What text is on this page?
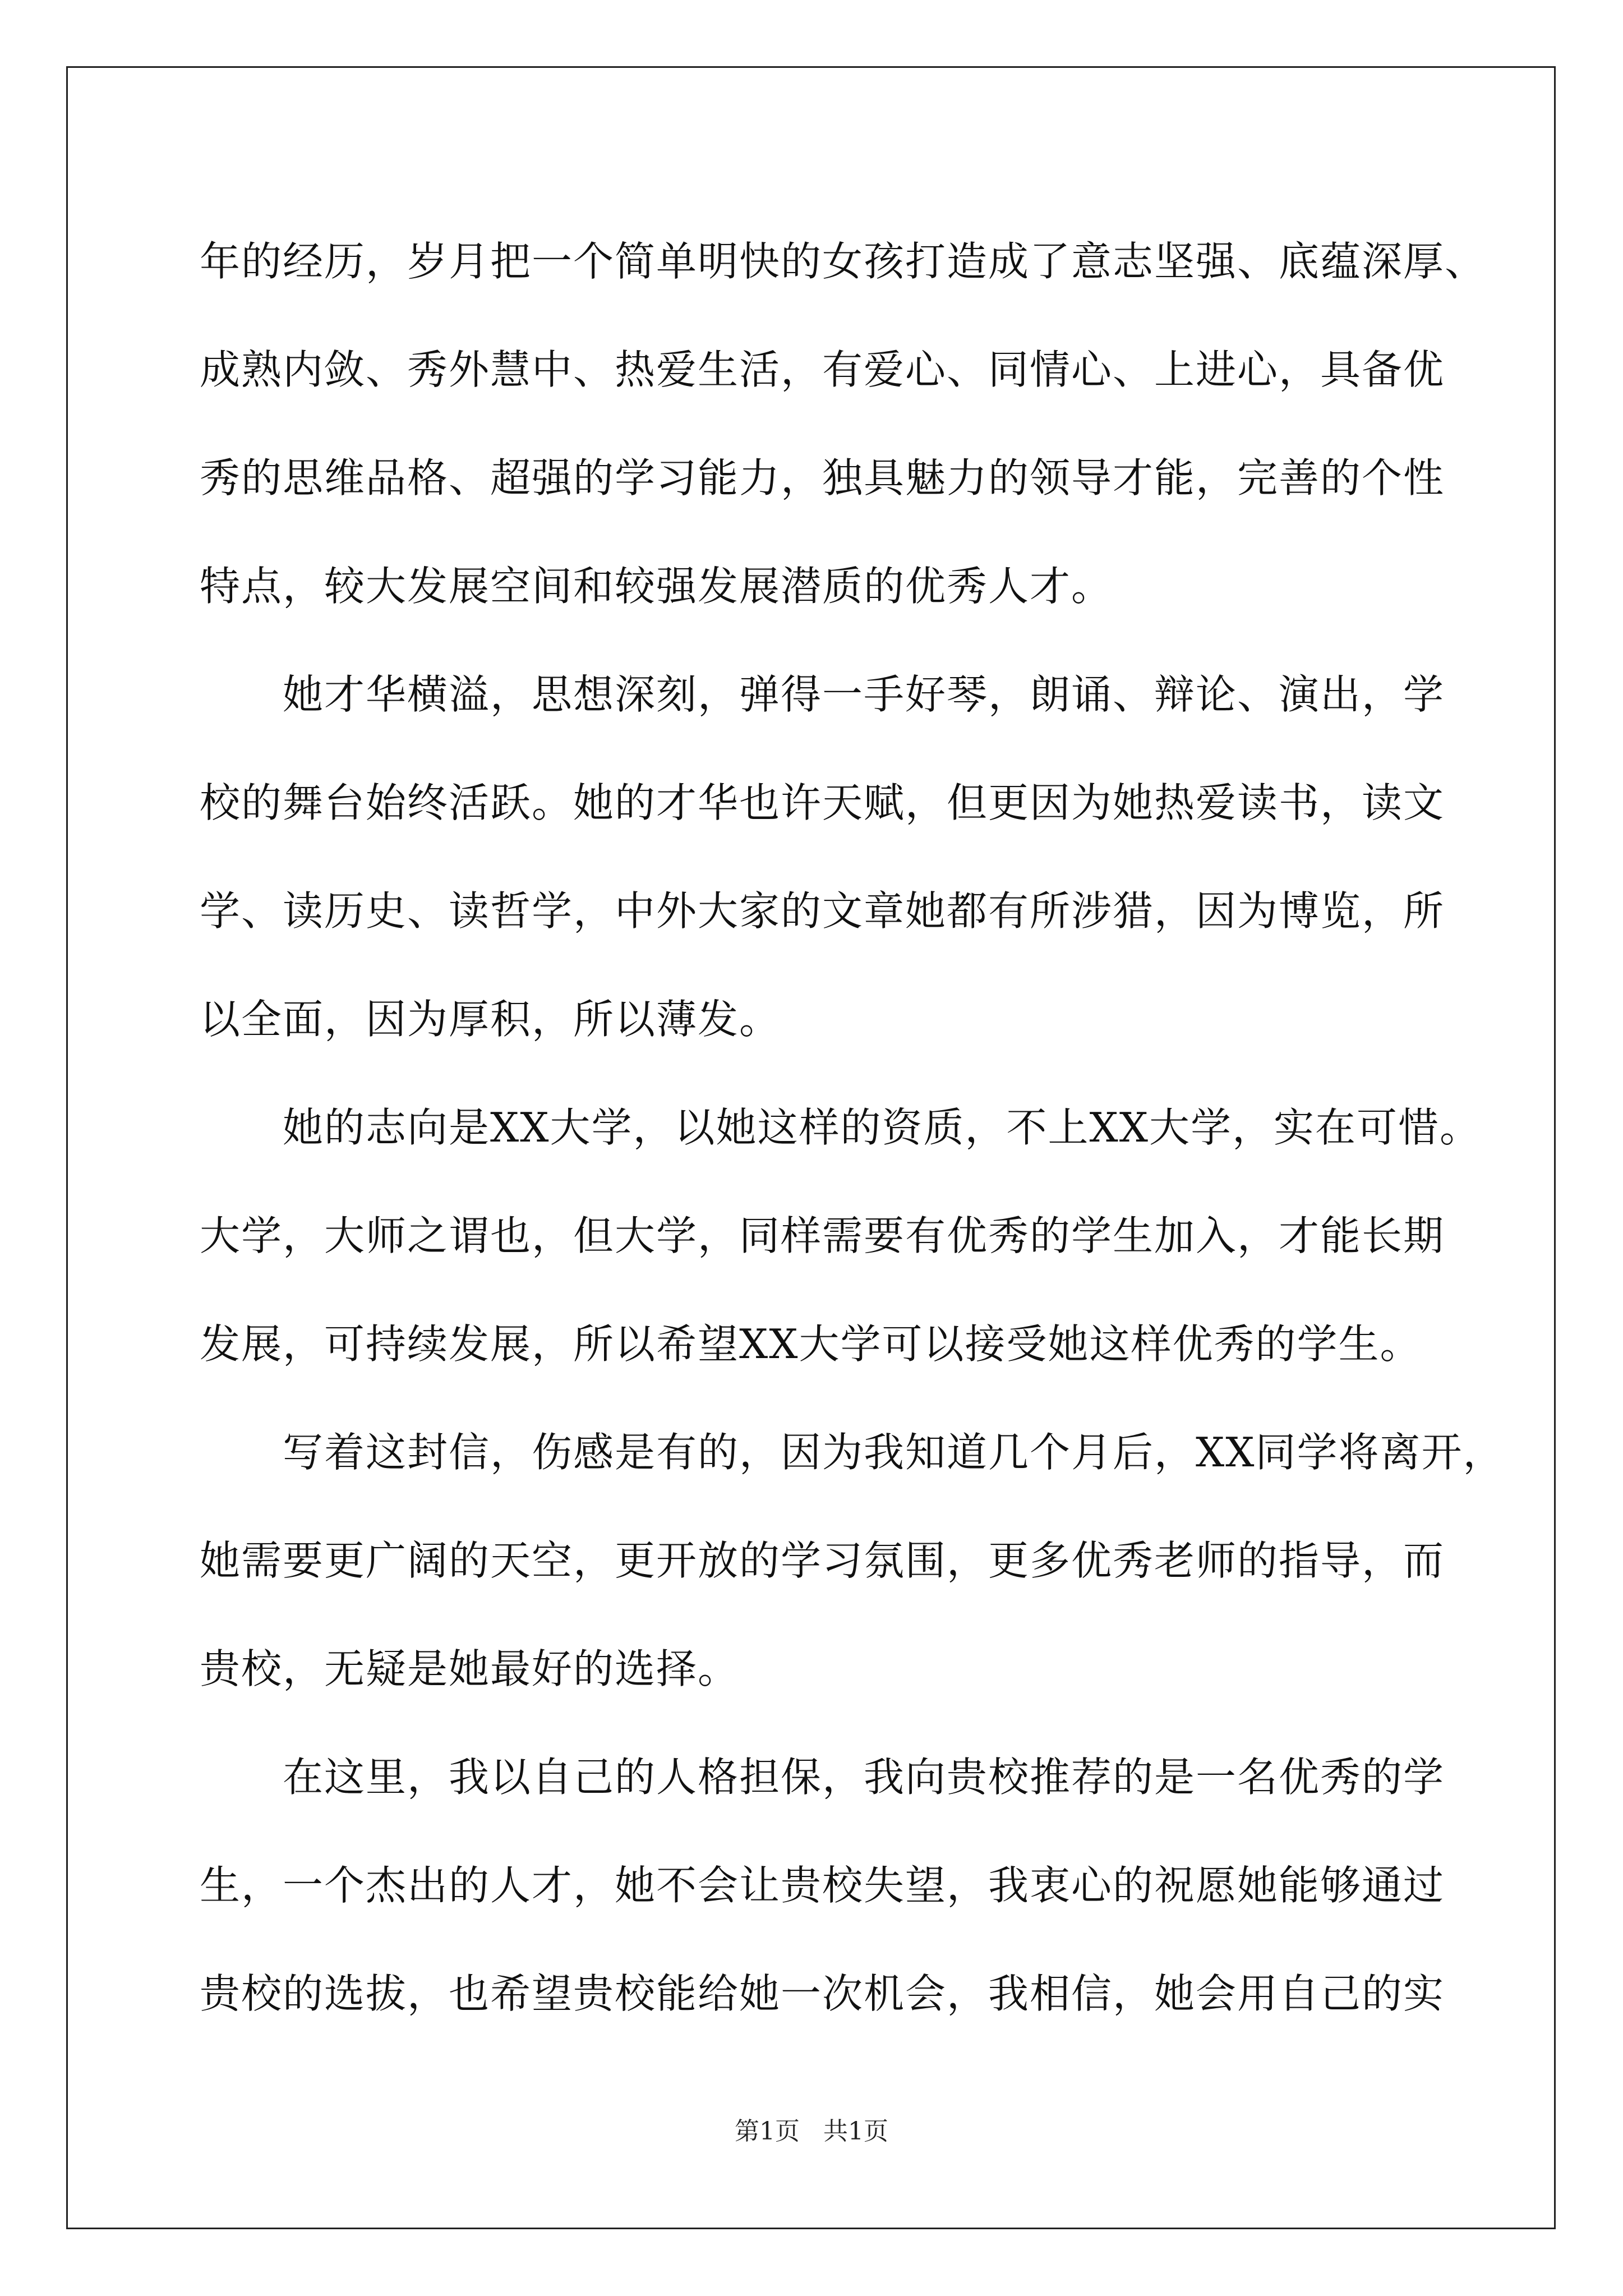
年的经历，岁月把一个简单明快的女孩打造成了意志坚强、底蕴深厚、
成熟内敛、秀外慧中、热爱生活，有爱心、同情心、上进心，具备优
秀的思维品格、超强的学习能力，独具魅力的领导才能，完善的个性
特点，较大发展空间和较强发展潜质的优秀人才。
她才华横溢，思想深刻，弹得一手好琴，朗诵、辩论、演出，学
校的舞台始终活跃。她的才华也许天赋，但更因为她热爱读书，读文
学、读历史、读哲学，中外大家的文章她都有所涉猎，因为博览，所
以全面，因为厚积，所以薄发。
她的志向是XX大学，以她这样的资质，不上XX大学，实在可惜。
大学，大师之谓也，但大学，同样需要有优秀的学生加入，才能长期
发展，可持续发展，所以希望XX大学可以接受她这样优秀的学生。
写着这封信，伤感是有的，因为我知道几个月后，XX同学将离开，
她需要更广阔的天空，更开放的学习氛围，更多优秀老师的指导，而
贵校，无疑是她最好的选择。
在这里，我以自己的人格担保，我向贵校推荐的是一名优秀的学
生，一个杰出的人才，她不会让贵校失望，我衷心的祝愿她能够通过
贵校的选拔，也希望贵校能给她一次机会，我相信，她会用自己的实
第1页   共1页
